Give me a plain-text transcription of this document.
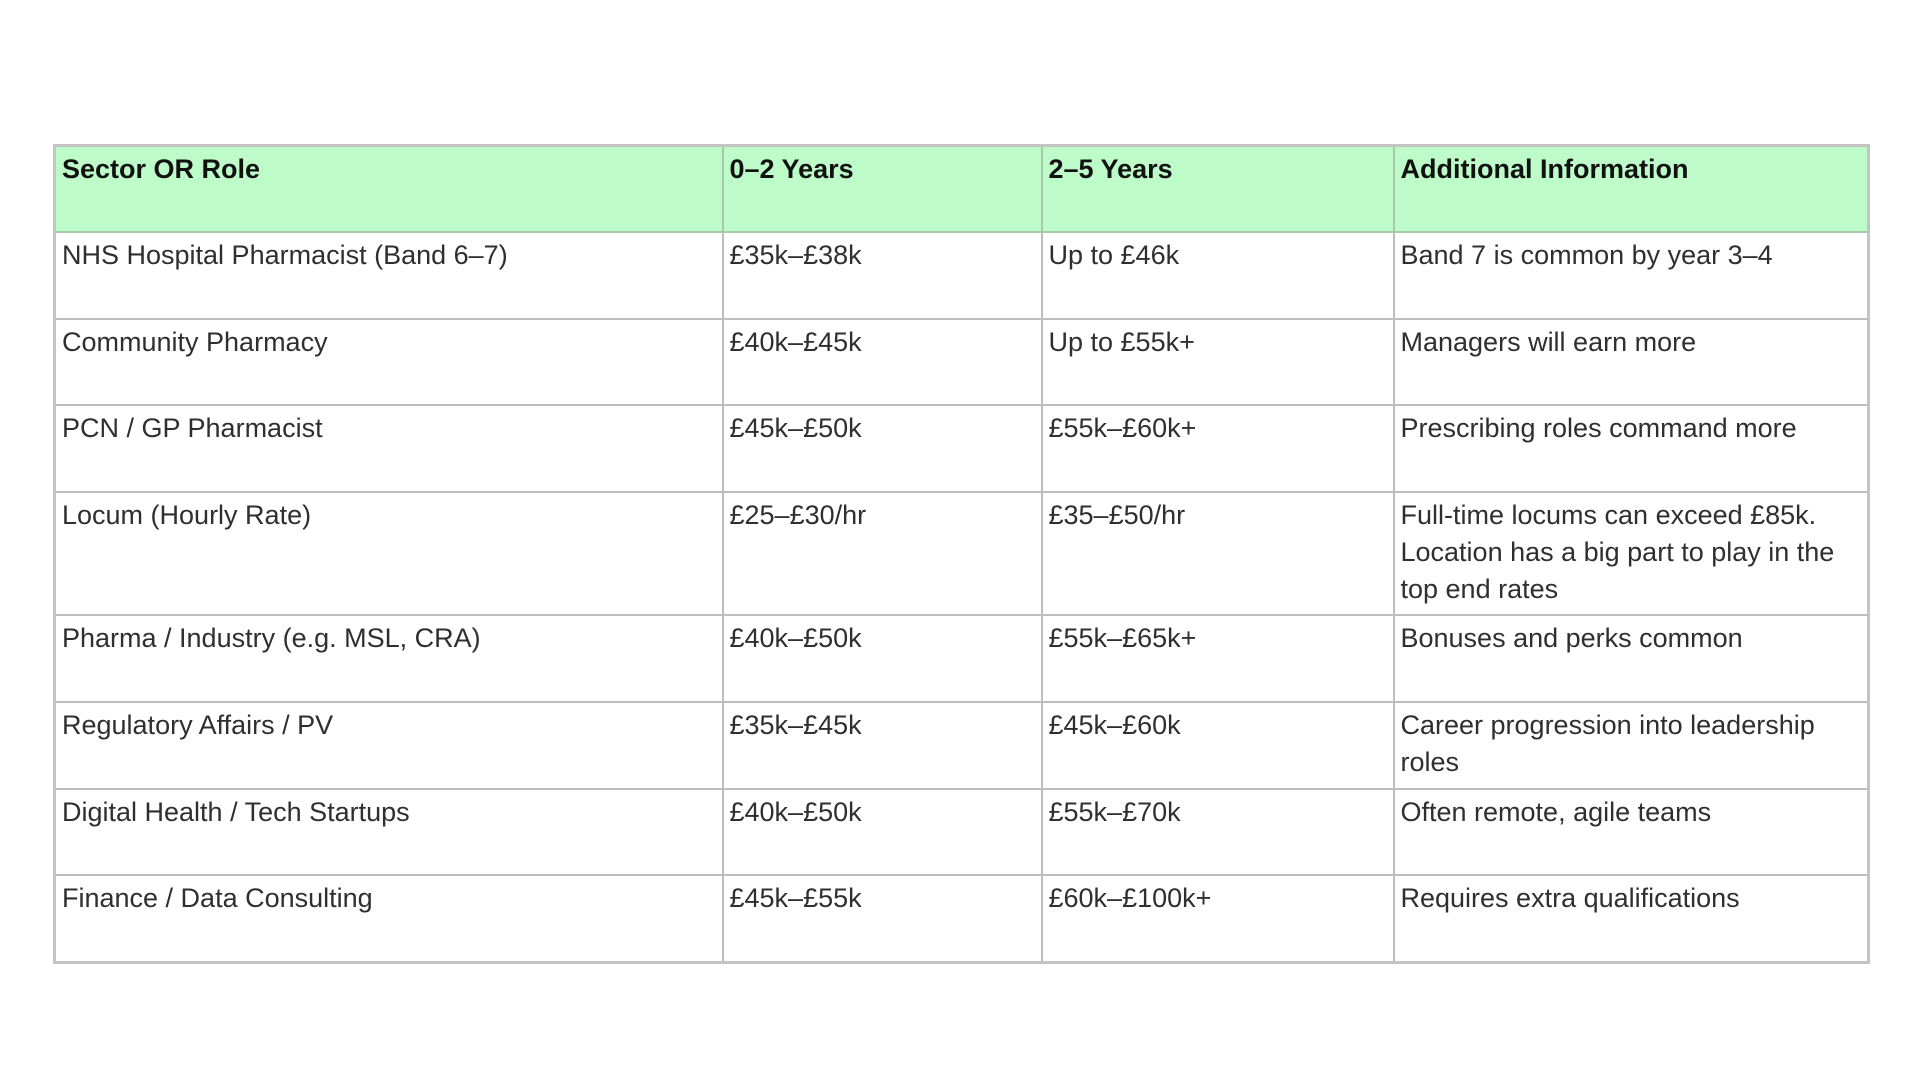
Sector OR Role	0–2 Years	2–5 Years	Additional Information
NHS Hospital Pharmacist (Band 6–7)	£35k–£38k	Up to £46k	Band 7 is common by year 3–4
Community Pharmacy	£40k–£45k	Up to £55k+	Managers will earn more
PCN / GP Pharmacist	£45k–£50k	£55k–£60k+	Prescribing roles command more
Locum (Hourly Rate)	£25–£30/hr	£35–£50/hr	Full-time locums can exceed £85k. Location has a big part to play in the top end rates
Pharma / Industry (e.g. MSL, CRA)	£40k–£50k	£55k–£65k+	Bonuses and perks common
Regulatory Affairs / PV	£35k–£45k	£45k–£60k	Career progression into leadership roles
Digital Health / Tech Startups	£40k–£50k	£55k–£70k	Often remote, agile teams
Finance / Data Consulting	£45k–£55k	£60k–£100k+	Requires extra qualifications
